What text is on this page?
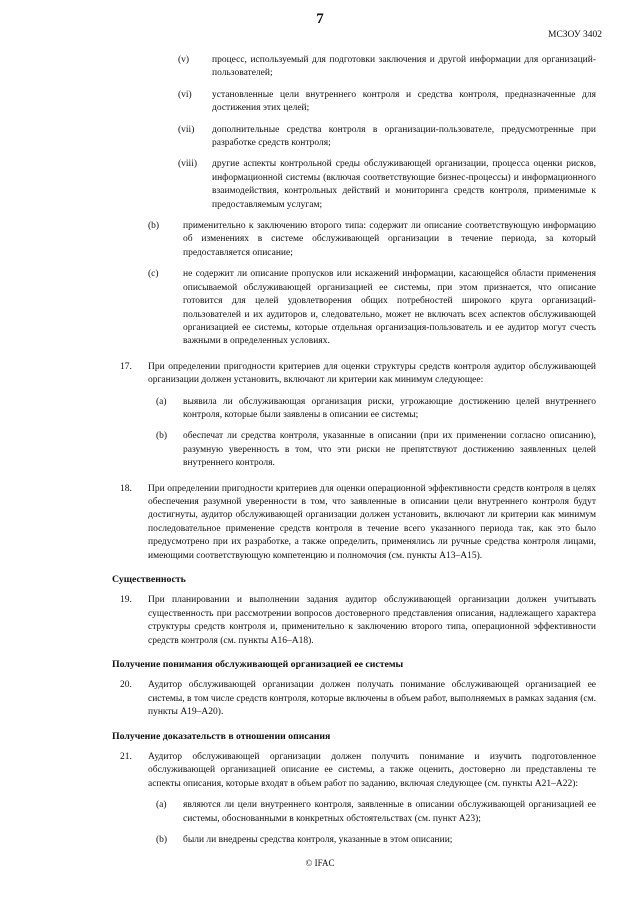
7
МСЗОУ 3402
(v) процесс, используемый для подготовки заключения и другой информации для организаций-пользователей;
(vi) установленные цели внутреннего контроля и средства контроля, предназначенные для достижения этих целей;
(vii) дополнительные средства контроля в организации-пользователе, предусмотренные при разработке средств контроля;
(viii) другие аспекты контрольной среды обслуживающей организации, процесса оценки рисков, информационной системы (включая соответствующие бизнес-процессы) и информационного взаимодействия, контрольных действий и мониторинга средств контроля, применимые к предоставляемым услугам;
(b)	применительно к заключению второго типа: содержит ли описание соответствующую информацию об изменениях в системе обслуживающей организации в течение периода, за который предоставляется описание;
(c)	не содержит ли описание пропусков или искажений информации, касающейся области применения описываемой обслуживающей организацией ее системы, при этом признается, что описание готовится для целей удовлетворения общих потребностей широкого круга организаций-пользователей и их аудиторов и, следовательно, может не включать всех аспектов обслуживающей организацией ее системы, которые отдельная организация-пользователь и ее аудитор могут счесть важными в определенных условиях.
17. При определении пригодности критериев для оценки структуры средств контроля аудитор обслуживающей организации должен установить, включают ли критерии как минимум следующее:
(a) выявила ли обслуживающая организация риски, угрожающие достижению целей внутреннего контроля, которые были заявлены в описании ее системы;
(b) обеспечат ли средства контроля, указанные в описании (при их применении согласно описанию), разумную уверенность в том, что эти риски не препятствуют достижению заявленных целей внутреннего контроля.
18. При определении пригодности критериев для оценки операционной эффективности средств контроля в целях обеспечения разумной уверенности в том, что заявленные в описании цели внутреннего контроля будут достигнуты, аудитор обслуживающей организации должен установить, включают ли критерии как минимум последовательное применение средств контроля в течение всего указанного периода так, как это было предусмотрено при их разработке, а также определить, применялись ли ручные средства контроля лицами, имеющими соответствующую компетенцию и полномочия (см. пункты A13–A15).
Существенность
19. При планировании и выполнении задания аудитор обслуживающей организации должен учитывать существенность при рассмотрении вопросов достоверного представления описания, надлежащего характера структуры средств контроля и, применительно к заключению второго типа, операционной эффективности средств контроля (см. пункты A16–A18).
Получение понимания обслуживающей организацией ее системы
20. Аудитор обслуживающей организации должен получать понимание обслуживающей организацией ее системы, в том числе средств контроля, которые включены в объем работ, выполняемых в рамках задания (см. пункты A19–A20).
Получение доказательств в отношении описания
21. Аудитор обслуживающей организации должен получить понимание и изучить подготовленное обслуживающей организацией описание ее системы, а также оценить, достоверно ли представлены те аспекты описания, которые входят в объем работ по заданию, включая следующее (см. пункты A21–A22):
(a) являются ли цели внутреннего контроля, заявленные в описании обслуживающей организацией ее системы, обоснованными в конкретных обстоятельствах (см. пункт A23);
(b) были ли внедрены средства контроля, указанные в этом описании;
© IFAC
